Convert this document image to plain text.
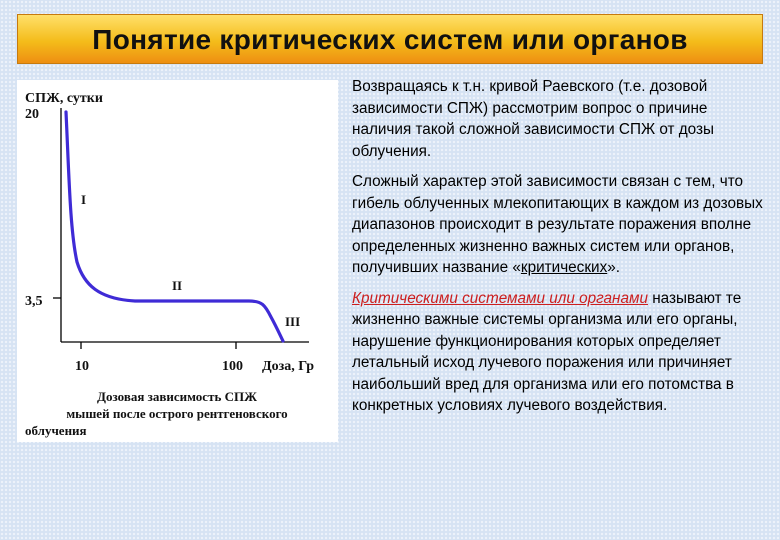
Понятие критических систем или органов
СПЖ, сутки
20
3,5
10	100 Доза, Гр
I
II
III
Дозовая зависимость СПЖ
мышей после острого рентгеновского
облучения

Возвращаясь к т.н. кривой Раевского (т.е. дозовой зависимости СПЖ) рассмотрим вопрос о причине наличия такой сложной зависимости СПЖ от дозы облучения.

Сложный характер этой зависимости связан с тем, что гибель облученных млекопитающих в каждом из дозовых диапазонов происходит в результате поражения вполне определенных жизненно важных систем или органов, получивших название «критических».

Критическими системами или органами называют те жизненно важные системы организма или его органы, нарушение функционирования которых определяет летальный исход лучевого поражения или причиняет наибольший вред для организма или его потомства в конкретных условиях лучевого воздействия.
